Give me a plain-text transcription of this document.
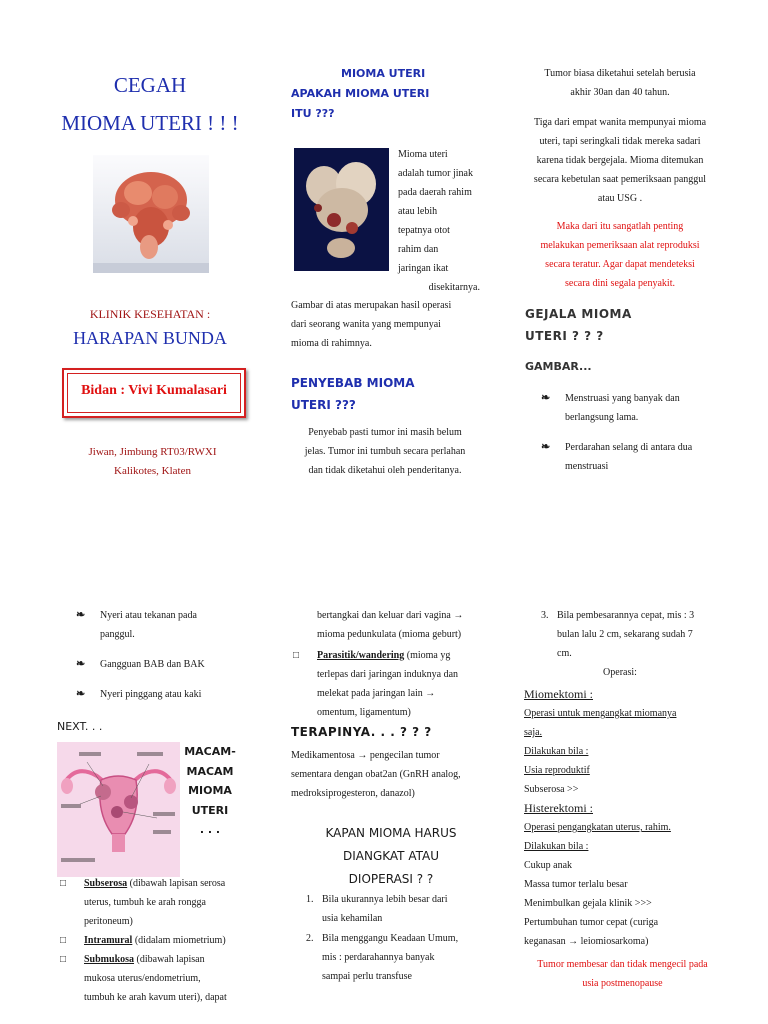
CEGAH
MIOMA UTERI ! ! !
KLINIK KESEHATAN :
HARAPAN BUNDA
Bidan : Vivi Kumalasari
Jiwan, Jimbung RT03/RWXI
Kalikotes, Klaten
MIOMA UTERI
APAKAH MIOMA UTERI
ITU ???
Mioma uteri
adalah tumor jinak
pada daerah rahim
atau lebih
tepatnya otot
rahim dan
jaringan ikat
disekitarnya.
Gambar di atas merupakan hasil operasi
dari seorang wanita yang mempunyai
mioma di rahimnya.
PENYEBAB MIOMA
UTERI ???
Penyebab pasti tumor ini masih belum
jelas. Tumor ini tumbuh secara perlahan
dan tidak diketahui oleh penderitanya.
Tumor biasa diketahui setelah berusia
akhir 30an dan 40 tahun.
Tiga dari empat wanita mempunyai mioma
uteri, tapi seringkali tidak mereka sadari
karena tidak bergejala. Mioma ditemukan
secara kebetulan saat pemeriksaan panggul
atau USG .
Maka dari itu sangatlah penting
melakukan pemeriksaan alat reproduksi
secara teratur. Agar dapat mendeteksi
secara dini segala penyakit.
GEJALA MIOMA
UTERI ? ? ?
GAMBAR...
❧ Menstruasi yang banyak dan
berlangsung lama.
❧ Perdarahan selang di antara dua
menstruasi
❧ Nyeri atau tekanan pada
panggul.
❧ Gangguan BAB dan BAK
❧ Nyeri pinggang atau kaki
NEXT. . .
MACAM-
MACAM
MIOMA
UTERI
. . .
□ Subserosa (dibawah lapisan serosa
uterus, tumbuh ke arah rongga
peritoneum)
□ Intramural (didalam miometrium)
□ Submukosa (dibawah lapisan
mukosa uterus/endometrium,
tumbuh ke arah kavum uteri), dapat
bertangkai dan keluar dari vagina →
mioma pedunkulata (mioma geburt)
□ Parasitik/wandering (mioma yg
terlepas dari jaringan induknya dan
melekat pada jaringan lain →
omentum, ligamentum)
TERAPINYA. . . ? ? ?
Medikamentosa → pengecilan tumor
sementara dengan obat2an (GnRH analog,
medroksiprogesteron, danazol)
KAPAN MIOMA HARUS
DIANGKAT ATAU
DIOPERASI ? ?
1. Bila ukurannya lebih besar dari
usia kehamilan
2. Bila menggangu Keadaan Umum,
mis : perdarahannya banyak
sampai perlu transfuse
3. Bila pembesarannya cepat, mis : 3
bulan lalu 2 cm, sekarang sudah 7
cm.
Operasi:
Miomektomi :
Operasi untuk mengangkat miomanya
saja.
Dilakukan bila :
Usia reproduktif
Subserosa >>
Histerektomi :
Operasi pengangkatan uterus, rahim.
Dilakukan bila :
Cukup anak
Massa tumor terlalu besar
Menimbulkan gejala klinik >>>
Pertumbuhan tumor cepat (curiga
keganasan → leiomiosarkoma)
Tumor membesar dan tidak mengecil pada
usia postmenopause
